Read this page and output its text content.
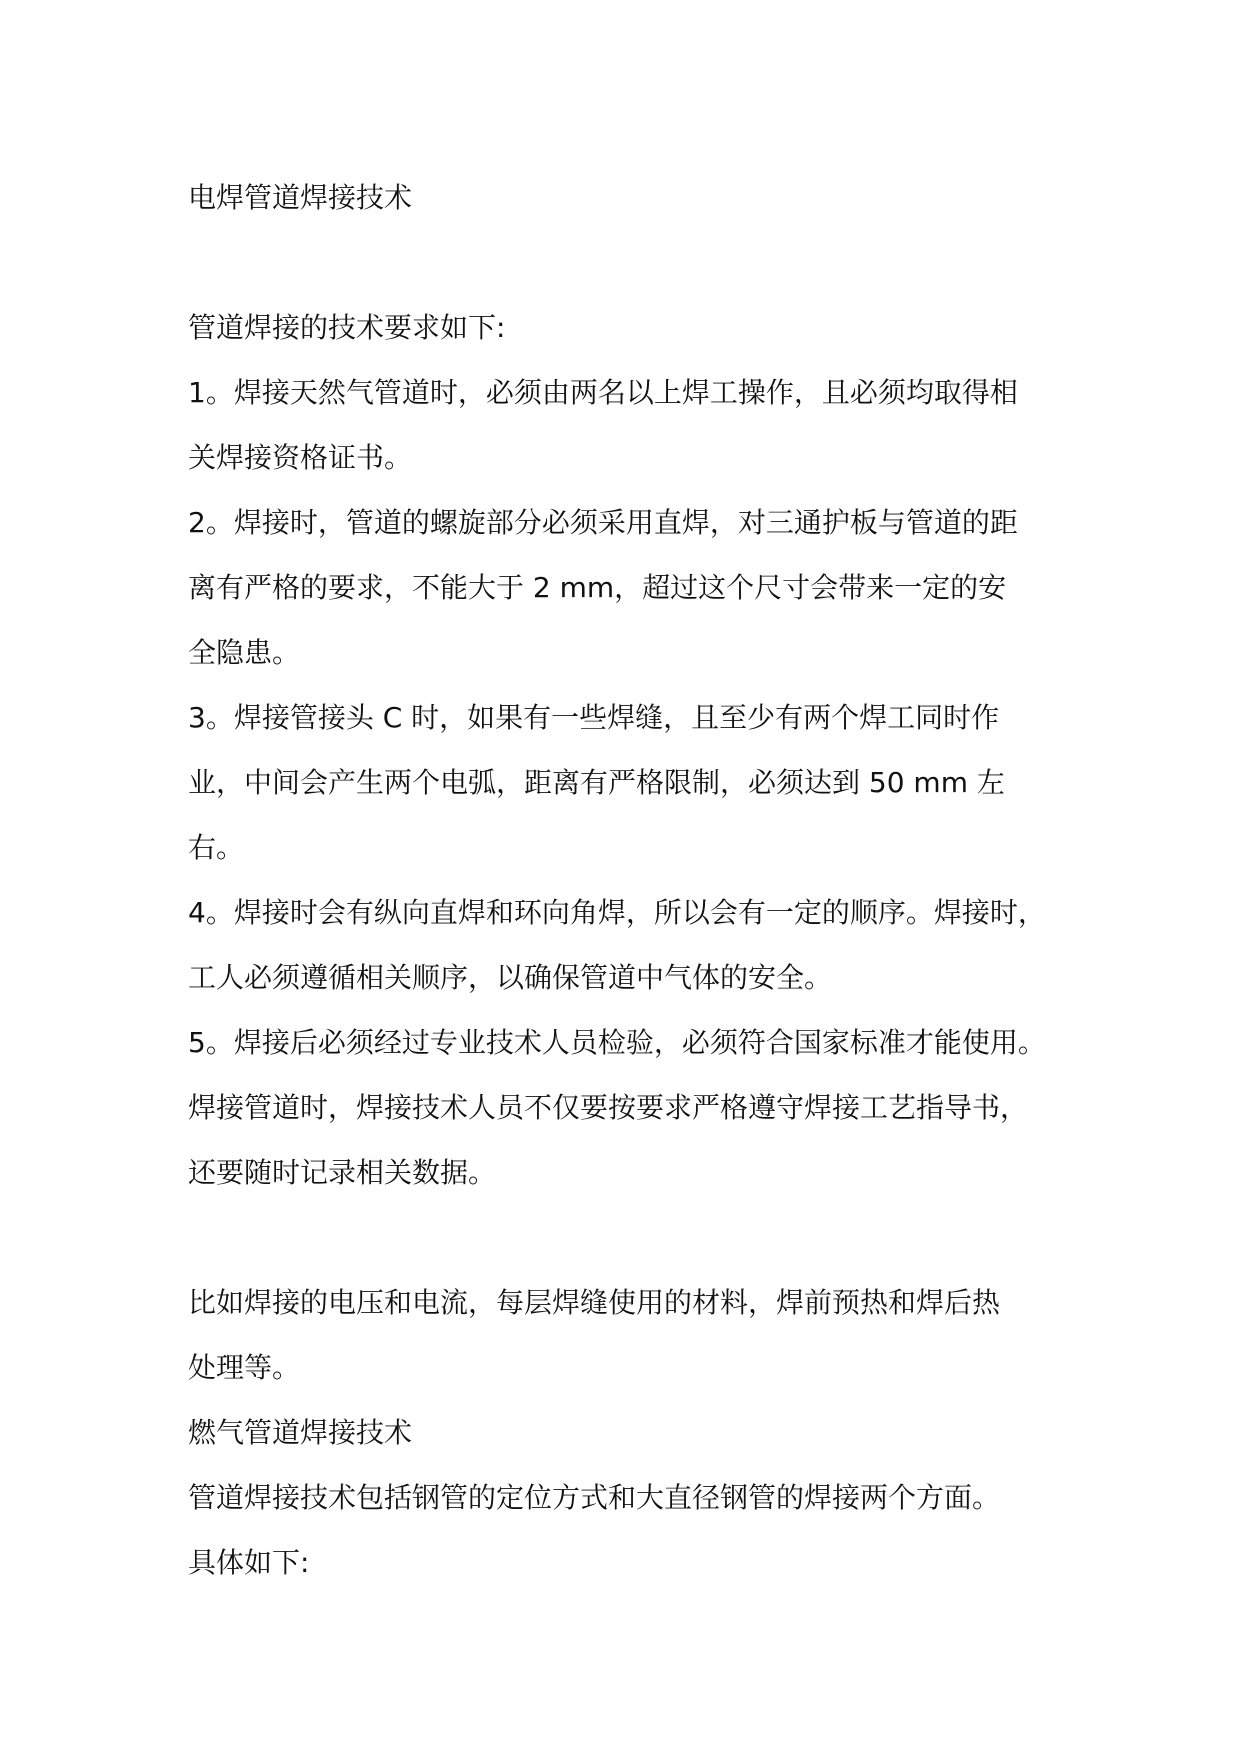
电焊管道焊接技术
管道焊接的技术要求如下:
1。焊接天然气管道时，必须由两名以上焊工操作，且必须均取得相
关焊接资格证书。
2。焊接时，管道的螺旋部分必须采用直焊，对三通护板与管道的距
离有严格的要求，不能大于 2 mm，超过这个尺寸会带来一定的安
全隐患。
3。焊接管接头 C 时，如果有一些焊缝，且至少有两个焊工同时作
业，中间会产生两个电弧，距离有严格限制，必须达到 50 mm 左
右。
4。焊接时会有纵向直焊和环向角焊，所以会有一定的顺序。焊接时，
工人必须遵循相关顺序，以确保管道中气体的安全。
5。焊接后必须经过专业技术人员检验，必须符合国家标准才能使用。
焊接管道时，焊接技术人员不仅要按要求严格遵守焊接工艺指导书，
还要随时记录相关数据。
比如焊接的电压和电流，每层焊缝使用的材料，焊前预热和焊后热
处理等。
燃气管道焊接技术
管道焊接技术包括钢管的定位方式和大直径钢管的焊接两个方面。
具体如下:
